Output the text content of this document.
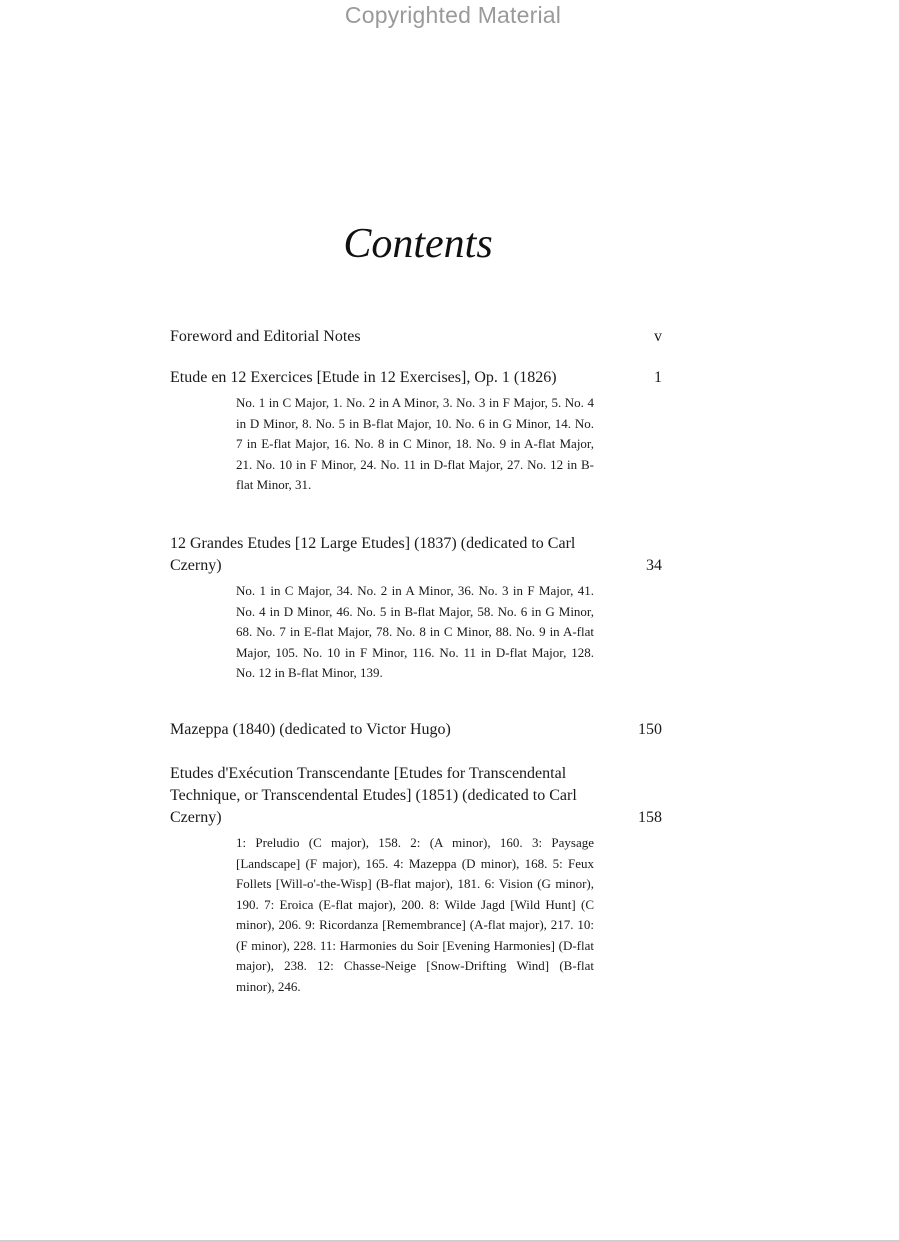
Copyrighted Material
Contents
Foreword and Editorial Notes	v
Etude en 12 Exercices [Etude in 12 Exercises], Op. 1 (1826)	1
No. 1 in C Major, 1. No. 2 in A Minor, 3. No. 3 in F Major, 5. No. 4 in D Minor, 8. No. 5 in B-flat Major, 10. No. 6 in G Minor, 14. No. 7 in E-flat Major, 16. No. 8 in C Minor, 18. No. 9 in A-flat Major, 21. No. 10 in F Minor, 24. No. 11 in D-flat Major, 27. No. 12 in B-flat Minor, 31.
12 Grandes Etudes [12 Large Etudes] (1837) (dedicated to Carl Czerny)	34
No. 1 in C Major, 34. No. 2 in A Minor, 36. No. 3 in F Major, 41. No. 4 in D Minor, 46. No. 5 in B-flat Major, 58. No. 6 in G Minor, 68. No. 7 in E-flat Major, 78. No. 8 in C Minor, 88. No. 9 in A-flat Major, 105. No. 10 in F Minor, 116. No. 11 in D-flat Major, 128. No. 12 in B-flat Minor, 139.
Mazeppa (1840) (dedicated to Victor Hugo)	150
Etudes d'Exécution Transcendante [Etudes for Transcendental Technique, or Transcendental Etudes] (1851) (dedicated to Carl Czerny)	158
1: Preludio (C major), 158. 2: (A minor), 160. 3: Paysage [Landscape] (F major), 165. 4: Mazeppa (D minor), 168. 5: Feux Follets [Will-o'-the-Wisp] (B-flat major), 181. 6: Vision (G minor), 190. 7: Eroica (E-flat major), 200. 8: Wilde Jagd [Wild Hunt] (C minor), 206. 9: Ricordanza [Remembrance] (A-flat major), 217. 10: (F minor), 228. 11: Harmonies du Soir [Evening Harmonies] (D-flat major), 238. 12: Chasse-Neige [Snow-Drifting Wind] (B-flat minor), 246.
